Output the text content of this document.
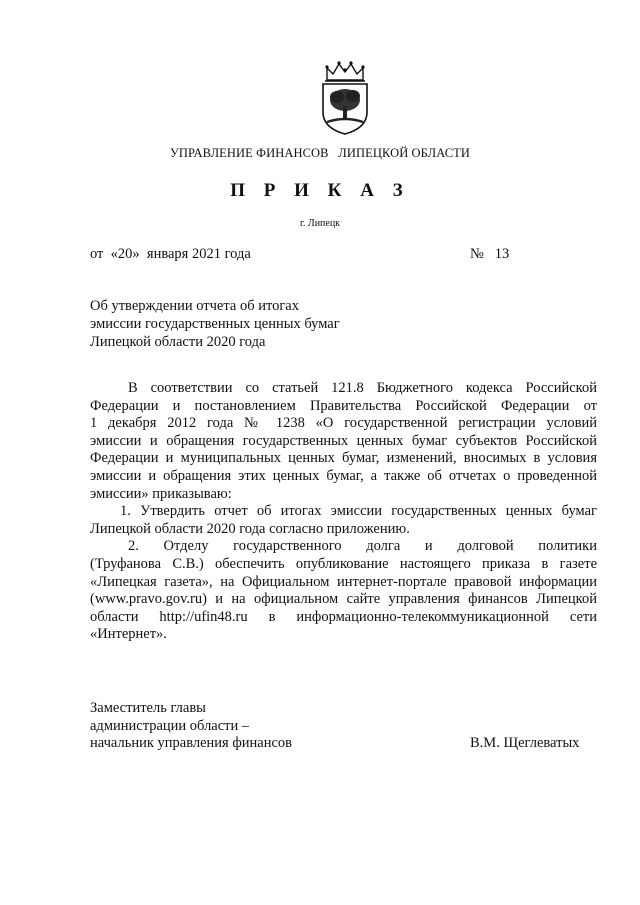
УПРАВЛЕНИЕ ФИНАНСОВ   ЛИПЕЦКОЙ ОБЛАСТИ
П Р И К А З
г. Липецк
от  «20»  января 2021 года	№   13
Об утверждении отчета об итогах
эмиссии государственных ценных бумаг
Липецкой области 2020 года
В соответствии со статьей 121.8 Бюджетного кодекса Российской
Федерации и постановлением Правительства Российской Федерации от
1 декабря 2012 года № 1238 «О государственной регистрации условий
эмиссии и обращения государственных ценных бумаг субъектов Российской
Федерации и муниципальных ценных бумаг, изменений, вносимых в условия
эмиссии и обращения этих ценных бумаг, а также об отчетах о проведенной
эмиссии» приказываю:
1. Утвердить отчет об итогах эмиссии государственных ценных бумаг
Липецкой области 2020 года согласно приложению.
2. Отделу государственного долга и долговой политики
(Труфанова С.В.) обеспечить опубликование настоящего приказа в газете
«Липецкая газета», на Официальном интернет-портале правовой информации
(www.pravo.gov.ru) и на официальном сайте управления финансов Липецкой
области http://ufin48.ru в информационно-телекоммуникационной сети
«Интернет».
Заместитель главы
администрации области –
начальник управления финансов	В.М. Щеглеватых
